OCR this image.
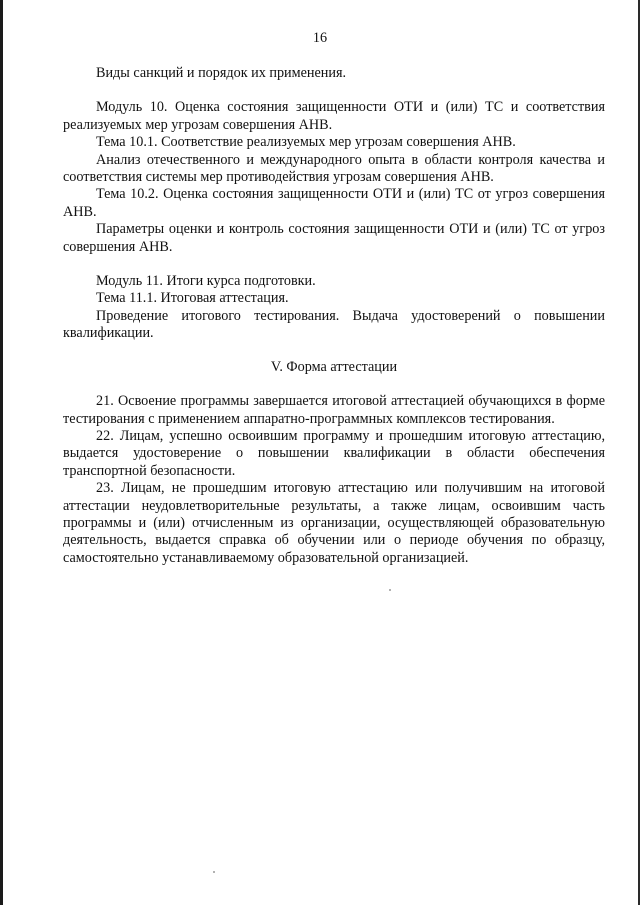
16

Виды санкций и порядок их применения.

Модуль 10. Оценка состояния защищенности ОТИ и (или) ТС и соответствия реализуемых мер угрозам совершения АНВ.

Тема 10.1. Соответствие реализуемых мер угрозам совершения АНВ.

Анализ отечественного и международного опыта в области контроля качества и соответствия системы мер противодействия угрозам совершения АНВ.

Тема 10.2. Оценка состояния защищенности ОТИ и (или) ТС от угроз совершения АНВ.

Параметры оценки и контроль состояния защищенности ОТИ и (или) ТС от угроз совершения АНВ.

Модуль 11. Итоги курса подготовки.

Тема 11.1. Итоговая аттестация.

Проведение итогового тестирования. Выдача удостоверений о повышении квалификации.

V. Форма аттестации

21. Освоение программы завершается итоговой аттестацией обучающихся в форме тестирования с применением аппаратно-программных комплексов тестирования.

22. Лицам, успешно освоившим программу и прошедшим итоговую аттестацию, выдается удостоверение о повышении квалификации в области обеспечения транспортной безопасности.

23. Лицам, не прошедшим итоговую аттестацию или получившим на итоговой аттестации неудовлетворительные результаты, а также лицам, освоившим часть программы и (или) отчисленным из организации, осуществляющей образовательную деятельность, выдается справка об обучении или о периоде обучения по образцу, самостоятельно устанавливаемому образовательной организацией.
